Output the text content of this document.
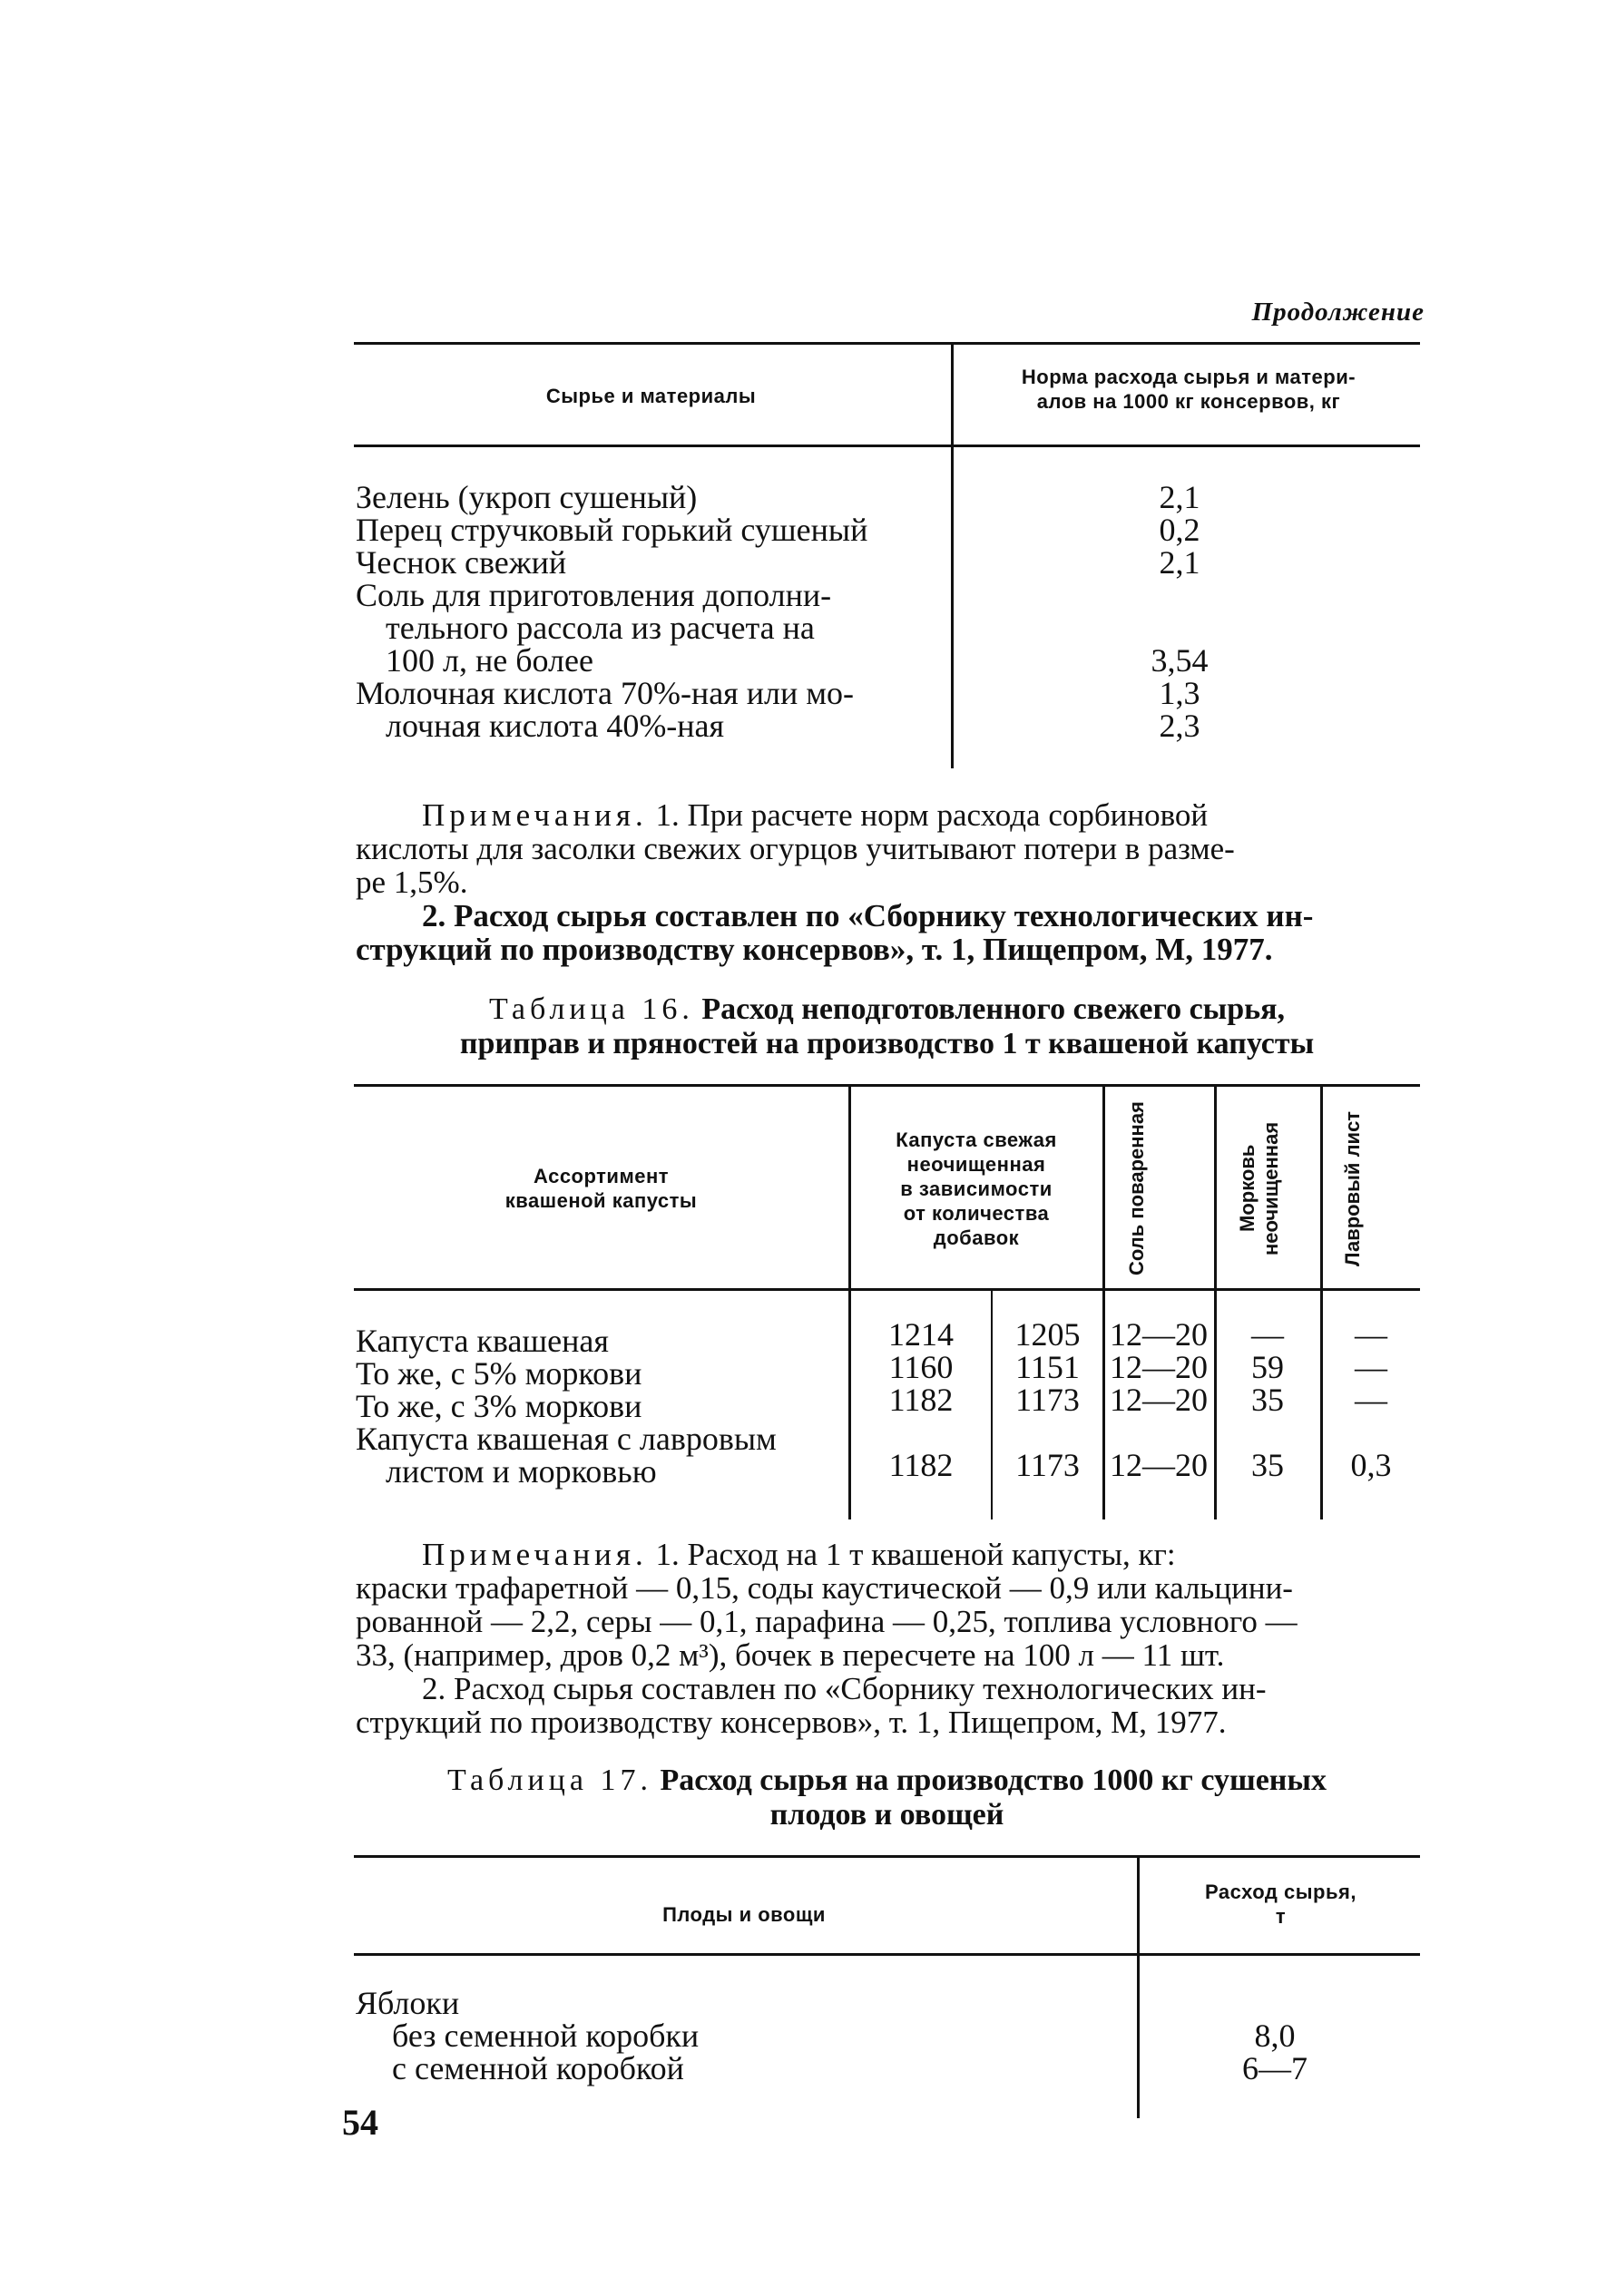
Продолжение
Сырье и материалы
Норма расхода сырья и матери-
алов на 1000 кг консервов, кг
Зелень (укроп сушеный)	2,1
Перец стручковый горький сушеный	0,2
Чеснок свежий	2,1
Соль для приготовления дополни-
тельного рассола из расчета на
100 л, не более	3,54
Молочная кислота 70%-ная или мо-	1,3
лочная кислота 40%-ная	2,3
Примечания. 1. При расчете норм расхода сорбиновой
кислоты для засолки свежих огурцов учитывают потери в разме-
ре 1,5%.
2. Расход сырья составлен по «Сборнику технологических ин-
струкций по производству консервов», т. 1, Пищепром, М, 1977.
Таблица 16. Расход неподготовленного свежего сырья,
приправ и пряностей на производство 1 т квашеной капусты
Ассортимент
квашеной капусты
Капуста свежая
неочищенная
в зависимости
от количества
добавок	Соль поваренная	Морковь неочищенная	Лавровый лист
Капуста квашеная	1214	1205 12—20	—	—
То же, с 5% моркови	1160	1151 12—20	59	—
То же, с 3% моркови	1182	1173 12—20	35	—
Капуста квашеная с лавровым
листом и морковью	1182	1173 12—20	35	0,3
Примечания. 1. Расход на 1 т квашеной капусты, кг:
краски трафаретной — 0,15, соды каустической — 0,9 или кальцини-
рованной — 2,2, серы — 0,1, парафина — 0,25, топлива условного —
33, (например, дров 0,2 м³), бочек в пересчете на 100 л — 11 шт.
2. Расход сырья составлен по «Сборнику технологических ин-
струкций по производству консервов», т. 1, Пищепром, М, 1977.
Таблица 17. Расход сырья на производство 1000 кг сушеных
плодов и овощей
Плоды и овощи
Расход сырья,
т
Яблоки
без семенной коробки	8,0
с семенной коробкой	6—7
54
